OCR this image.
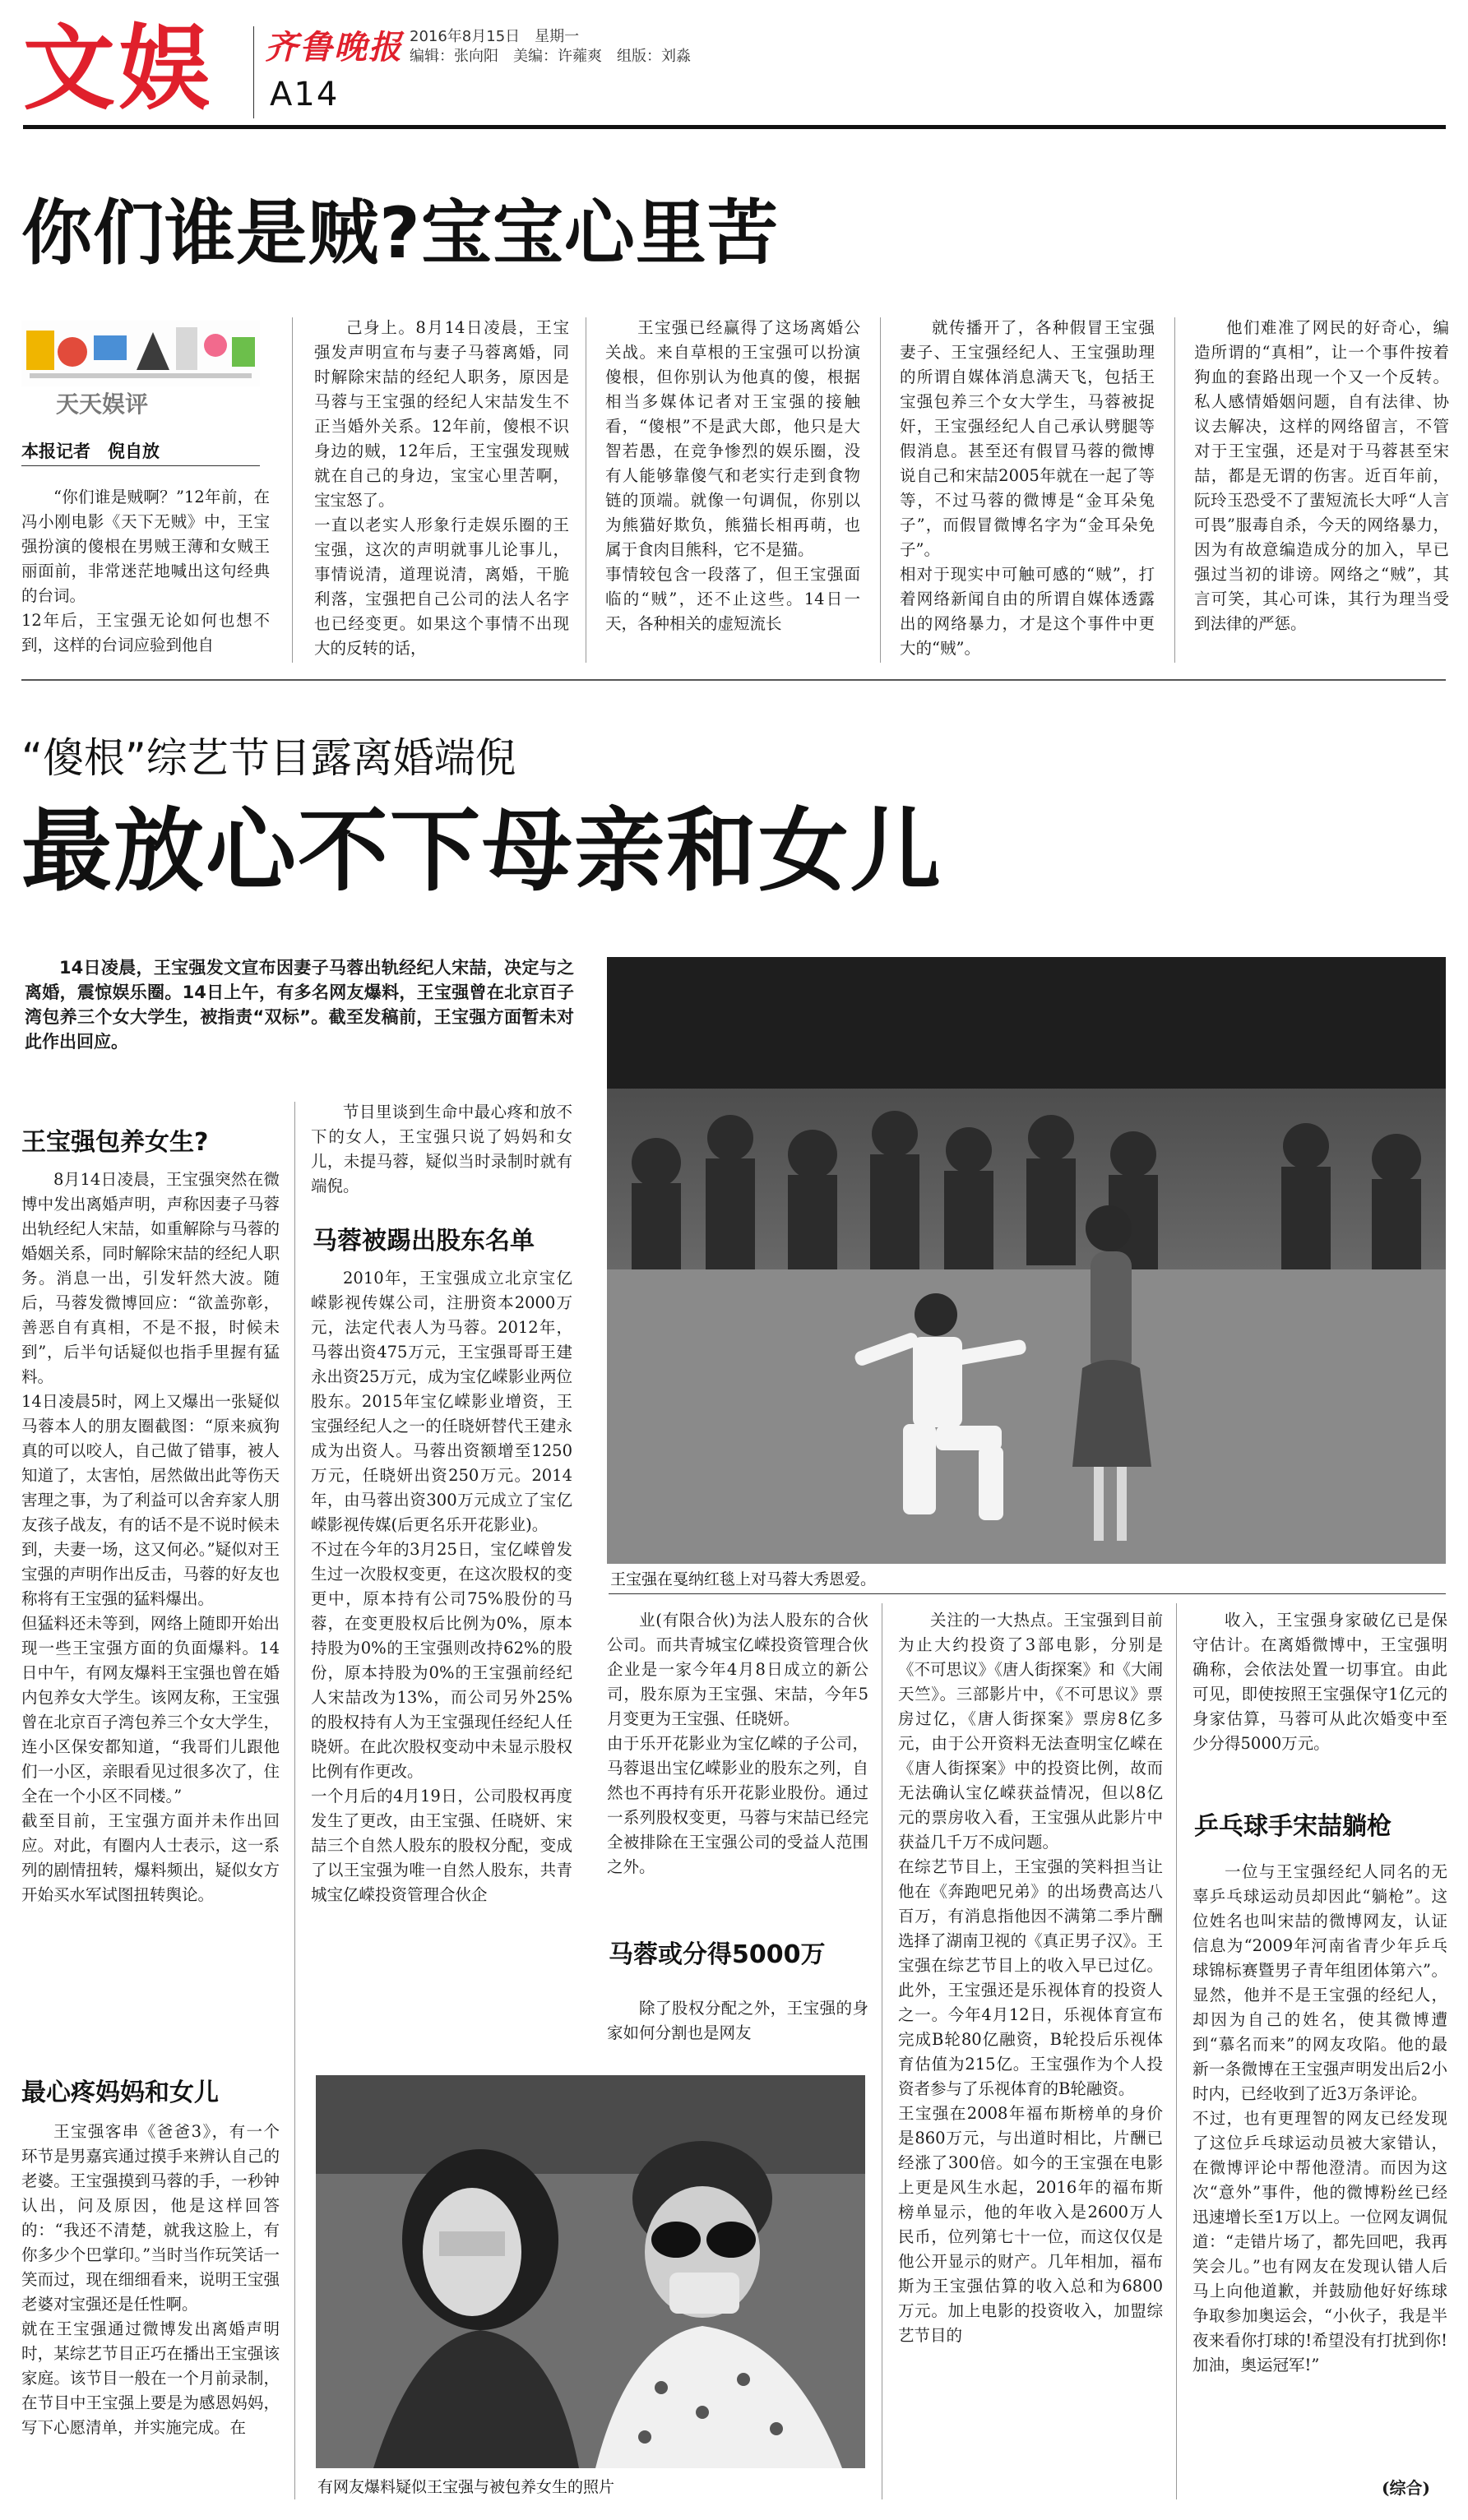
文娱 齐鲁晚报 2016年8月15日　星期一
编辑：张向阳　美编：许蕹爽　组版：刘淼
A14
你们谁是贼?宝宝心里苦
天天娱评
本报记者　倪自放
“你们谁是贼啊？”12年前，在冯小刚电影《天下无贼》中，王宝强扮演的傻根在男贼王薄和女贼王丽面前，非常迷茫地喊出这句经典的台词。
12年后，王宝强无论如何也想不到，这样的台词应验到他自
己身上。8月14日凌晨，王宝强发声明宣布与妻子马蓉离婚，同时解除宋喆的经纪人职务，原因是马蓉与王宝强的经纪人宋喆发生不正当婚外关系。12年前，傻根不识身边的贼，12年后，王宝强发现贼就在自己的身边，宝宝心里苦啊，宝宝怒了。
一直以老实人形象行走娱乐圈的王宝强，这次的声明就事儿论事儿，事情说清，道理说清，离婚，干脆利落，宝强把自己公司的法人名字也已经变更。如果这个事情不出现大的反转的话，
王宝强已经赢得了这场离婚公关战。来自草根的王宝强可以扮演傻根，但你别认为他真的傻，根据相当多媒体记者对王宝强的接触看，“傻根”不是武大郎，他只是大智若愚，在竞争惨烈的娱乐圈，没有人能够靠傻气和老实行走到食物链的顶端。就像一句调侃，你别以为熊猫好欺负，熊猫长相再萌，也属于食肉目熊科，它不是猫。
事情较包含一段落了，但王宝强面临的“贼”，还不止这些。14日一天，各种相关的虚短流长
就传播开了，各种假冒王宝强妻子、王宝强经纪人、王宝强助理的所谓自媒体消息满天飞，包括王宝强包养三个女大学生，马蓉被捉奸，王宝强经纪人自己承认劈腿等假消息。甚至还有假冒马蓉的微博说自己和宋喆2005年就在一起了等等，不过马蓉的微博是“金耳朵兔子”，而假冒微博名字为“金耳朵免子”。
相对于现实中可触可感的“贼”，打着网络新闻自由的所谓自媒体透露出的网络暴力，才是这个事件中更大的“贼”。
他们难准了网民的好奇心，编造所谓的“真相”，让一个事件按着狗血的套路出现一个又一个反转。私人感情婚姻问题，自有法律、协议去解决，这样的网络留言，不管对于王宝强，还是对于马蓉甚至宋喆，都是无谓的伤害。近百年前，阮玲玉恐受不了蜚短流长大呼“人言可畏”服毒自杀，今天的网络暴力，因为有故意编造成分的加入，早已强过当初的诽谤。网络之“贼”，其言可笑，其心可诛，其行为理当受到法律的严惩。
“傻根”综艺节目露离婚端倪
最放心不下母亲和女儿
14日凌晨，王宝强发文宣布因妻子马蓉出轨经纪人宋喆，决定与之离婚，震惊娱乐圈。14日上午，有多名网友爆料，王宝强曾在北京百子湾包养三个女大学生，被指责“双标”。截至发稿前，王宝强方面暂未对此作出回应。
王宝强在戛纳红毯上对马蓉大秀恩爱。
王宝强包养女生?
8月14日凌晨，王宝强突然在微博中发出离婚声明，声称因妻子马蓉出轨经纪人宋喆，如重解除与马蓉的婚姻关系，同时解除宋喆的经纪人职务。消息一出，引发轩然大波。随后，马蓉发微博回应：“欲盖弥彰，善恶自有真相，不是不报，时候未到”，后半句话疑似也指手里握有猛料。
14日凌晨5时，网上又爆出一张疑似马蓉本人的朋友圈截图：“原来疯狗真的可以咬人，自己做了错事，被人知道了，太害怕，居然做出此等伤天害理之事，为了利益可以舍弃家人朋友孩子战友，有的话不是不说时候未到，夫妻一场，这又何必。”疑似对王宝强的声明作出反击，马蓉的好友也称将有王宝强的猛料爆出。
但猛料还未等到，网络上随即开始出现一些王宝强方面的负面爆料。14日中午，有网友爆料王宝强也曾在婚内包养女大学生。该网友称，王宝强曾在北京百子湾包养三个女大学生，连小区保安都知道，“我哥们儿跟他们一小区，亲眼看见过很多次了，住全在一个小区不同楼。”
截至目前，王宝强方面并未作出回应。对此，有圈内人士表示，这一系列的剧情扭转，爆料频出，疑似女方开始买水军试图扭转舆论。
最心疼妈妈和女儿
王宝强客串《爸爸3》，有一个环节是男嘉宾通过摸手来辨认自己的老婆。王宝强摸到马蓉的手，一秒钟认出，问及原因，他是这样回答的：“我还不清楚，就我这脸上，有你多少个巴掌印。”当时当作玩笑话一笑而过，现在细细看来，说明王宝强老婆对宝强还是任性啊。
就在王宝强通过微博发出离婚声明时，某综艺节目正巧在播出王宝强该家庭。该节目一般在一个月前录制，在节目中王宝强上要是为感恩妈妈，写下心愿清单，并实施完成。在
节目里谈到生命中最心疼和放不下的女人，王宝强只说了妈妈和女儿，未提马蓉，疑似当时录制时就有端倪。
马蓉被踢出股东名单
2010年，王宝强成立北京宝亿嵘影视传媒公司，注册资本2000万元，法定代表人为马蓉。2012年，马蓉出资475万元，王宝强哥哥王建永出资25万元，成为宝亿嵘影业两位股东。2015年宝亿嵘影业增资，王宝强经纪人之一的任晓妍替代王建永成为出资人。马蓉出资额增至1250万元，任晓妍出资250万元。2014年，由马蓉出资300万元成立了宝亿嵘影视传媒(后更名乐开花影业)。
不过在今年的3月25日，宝亿嵘曾发生过一次股权变更，在这次股权的变更中，原本持有公司75%股份的马蓉，在变更股权后比例为0%，原本持股为0%的王宝强则改持62%的股份，原本持股为0%的王宝强前经纪人宋喆改为13%，而公司另外25%的股权持有人为王宝强现任经纪人任晓妍。在此次股权变动中未显示股权比例有作更改。
一个月后的4月19日，公司股权再度发生了更改，由王宝强、任晓妍、宋喆三个自然人股东的股权分配，变成了以王宝强为唯一自然人股东，共青城宝亿嵘投资管理合伙企
业(有限合伙)为法人股东的合伙公司。而共青城宝亿嵘投资管理合伙企业是一家今年4月8日成立的新公司，股东原为王宝强、宋喆，今年5月变更为王宝强、任晓妍。
由于乐开花影业为宝亿嵘的子公司，马蓉退出宝亿嵘影业的股东之列，自然也不再持有乐开花影业股份。通过一系列股权变更，马蓉与宋喆已经完全被排除在王宝强公司的受益人范围之外。
马蓉或分得5000万
除了股权分配之外，王宝强的身家如何分割也是网友
关注的一大热点。王宝强到目前为止大约投资了3部电影，分别是《不可思议》《唐人街探案》和《大闹天竺》。三部影片中，《不可思议》票房过亿，《唐人街探案》票房8亿多元，由于公开资料无法查明宝亿嵘在《唐人街探案》中的投资比例，故而无法确认宝亿嵘获益情况，但以8亿元的票房收入看，王宝强从此影片中获益几千万不成问题。
在综艺节目上，王宝强的笑料担当让他在《奔跑吧兄弟》的出场费高达八百万，有消息指他因不满第二季片酬选择了湖南卫视的《真正男子汉》。王宝强在综艺节目上的收入早已过亿。此外，王宝强还是乐视体育的投资人之一。今年4月12日，乐视体育宣布完成B轮80亿融资，B轮投后乐视体育估值为215亿。王宝强作为个人投资者参与了乐视体育的B轮融资。
王宝强在2008年福布斯榜单的身价是860万元，与出道时相比，片酬已经涨了300倍。如今的王宝强在电影上更是风生水起，2016年的福布斯榜单显示，他的年收入是2600万人民币，位列第七十一位，而这仅仅是他公开显示的财产。几年相加，福布斯为王宝强估算的收入总和为6800万元。加上电影的投资收入，加盟综艺节目的
收入，王宝强身家破亿已是保守估计。在离婚微博中，王宝强明确称，会依法处置一切事宜。由此可见，即使按照王宝强保守1亿元的身家估算，马蓉可从此次婚变中至少分得5000万元。
乒乓球手宋喆躺枪
一位与王宝强经纪人同名的无辜乒乓球运动员却因此“躺枪”。这位姓名也叫宋喆的微博网友，认证信息为“2009年河南省青少年乒乓球锦标赛暨男子青年组团体第六”。显然，他并不是王宝强的经纪人，却因为自己的姓名，使其微博遭到“慕名而来”的网友攻陷。他的最新一条微博在王宝强声明发出后2小时内，已经收到了近3万条评论。
不过，也有更理智的网友已经发现了这位乒乓球运动员被大家错认，在微博评论中帮他澄清。而因为这次“意外”事件，他的微博粉丝已经迅速增长至1万以上。一位网友调侃道：“走错片场了，都先回吧，我再笑会儿。”也有网友在发现认错人后马上向他道歉，并鼓励他好好练球争取参加奥运会，“小伙子，我是半夜来看你打球的!希望没有打扰到你!加油，奥运冠军!”
(综合)
有网友爆料疑似王宝强与被包养女生的照片
